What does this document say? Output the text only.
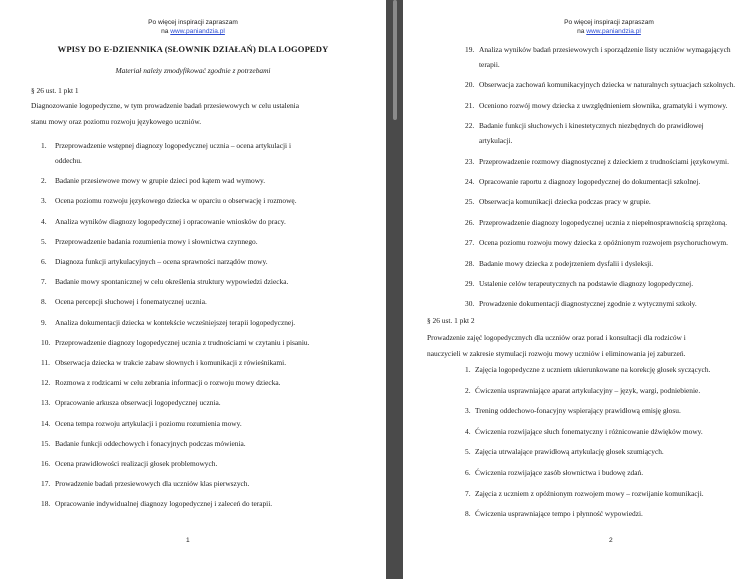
Po więcej inspiracji zapraszam
na www.paniandzia.pl
WPISY DO E-DZIENNIKA (SŁOWNIK DZIAŁAŃ) DLA LOGOPEDY
Materiał należy zmodyfikować zgodnie z potrzebami
§ 26 ust. 1 pkt 1
Diagnozowanie logopedyczne, w tym prowadzenie badań przesiewowych w celu ustalenia
stanu mowy oraz poziomu rozwoju językowego uczniów.
1. Przeprowadzenie wstępnej diagnozy logopedycznej ucznia – ocena artykulacji i
oddechu.
2. Badanie przesiewowe mowy w grupie dzieci pod kątem wad wymowy.
3. Ocena poziomu rozwoju językowego dziecka w oparciu o obserwację i rozmowę.
4. Analiza wyników diagnozy logopedycznej i opracowanie wniosków do pracy.
5. Przeprowadzenie badania rozumienia mowy i słownictwa czynnego.
6. Diagnoza funkcji artykulacyjnych – ocena sprawności narządów mowy.
7. Badanie mowy spontanicznej w celu określenia struktury wypowiedzi dziecka.
8. Ocena percepcji słuchowej i fonematycznej ucznia.
9. Analiza dokumentacji dziecka w kontekście wcześniejszej terapii logopedycznej.
10. Przeprowadzenie diagnozy logopedycznej ucznia z trudnościami w czytaniu i pisaniu.
11. Obserwacja dziecka w trakcie zabaw słownych i komunikacji z rówieśnikami.
12. Rozmowa z rodzicami w celu zebrania informacji o rozwoju mowy dziecka.
13. Opracowanie arkusza obserwacji logopedycznej ucznia.
14. Ocena tempa rozwoju artykulacji i poziomu rozumienia mowy.
15. Badanie funkcji oddechowych i fonacyjnych podczas mówienia.
16. Ocena prawidłowości realizacji głosek problemowych.
17. Prowadzenie badań przesiewowych dla uczniów klas pierwszych.
18. Opracowanie indywidualnej diagnozy logopedycznej i zaleceń do terapii.
1
Po więcej inspiracji zapraszam
na www.paniandzia.pl
19. Analiza wyników badań przesiewowych i sporządzenie listy uczniów wymagających
terapii.
20. Obserwacja zachowań komunikacyjnych dziecka w naturalnych sytuacjach szkolnych.
21. Oceniono rozwój mowy dziecka z uwzględnieniem słownika, gramatyki i wymowy.
22. Badanie funkcji słuchowych i kinestetycznych niezbędnych do prawidłowej
artykulacji.
23. Przeprowadzenie rozmowy diagnostycznej z dzieckiem z trudnościami językowymi.
24. Opracowanie raportu z diagnozy logopedycznej do dokumentacji szkolnej.
25. Obserwacja komunikacji dziecka podczas pracy w grupie.
26. Przeprowadzenie diagnozy logopedycznej ucznia z niepełnosprawnością sprzężoną.
27. Ocena poziomu rozwoju mowy dziecka z opóźnionym rozwojem psychoruchowym.
28. Badanie mowy dziecka z podejrzeniem dysfalii i dysleksji.
29. Ustalenie celów terapeutycznych na podstawie diagnozy logopedycznej.
30. Prowadzenie dokumentacji diagnostycznej zgodnie z wytycznymi szkoły.
§ 26 ust. 1 pkt 2
Prowadzenie zajęć logopedycznych dla uczniów oraz porad i konsultacji dla rodziców i
nauczycieli w zakresie stymulacji rozwoju mowy uczniów i eliminowania jej zaburzeń.
1. Zajęcia logopedyczne z uczniem ukierunkowane na korekcję głosek syczących.
2. Ćwiczenia usprawniające aparat artykulacyjny – język, wargi, podniebienie.
3. Trening oddechowo-fonacyjny wspierający prawidłową emisję głosu.
4. Ćwiczenia rozwijające słuch fonematyczny i różnicowanie dźwięków mowy.
5. Zajęcia utrwalające prawidłową artykulację głosek szumiących.
6. Ćwiczenia rozwijające zasób słownictwa i budowę zdań.
7. Zajęcia z uczniem z opóźnionym rozwojem mowy – rozwijanie komunikacji.
8. Ćwiczenia usprawniające tempo i płynność wypowiedzi.
2
